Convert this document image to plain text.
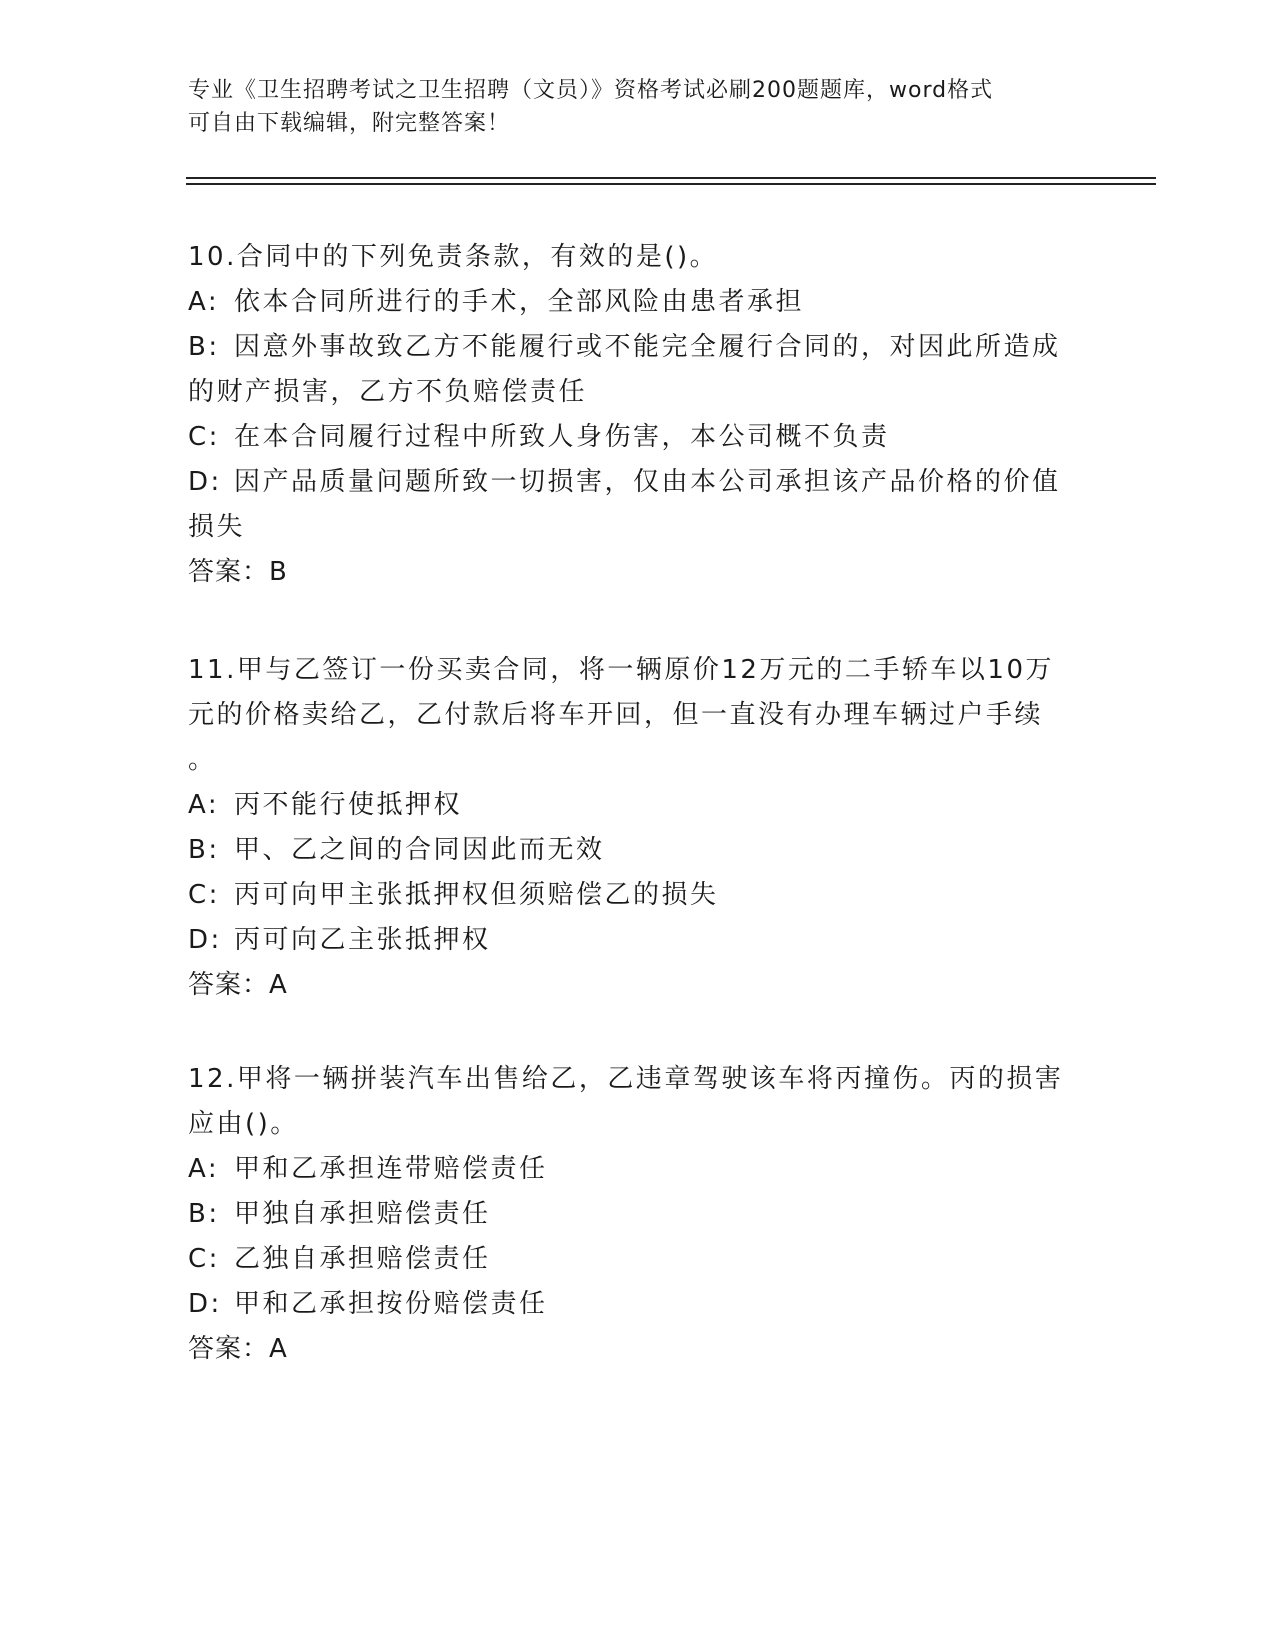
专业《卫生招聘考试之卫生招聘（文员）》资格考试必刷200题题库，word格式
可自由下载编辑，附完整答案！
10.合同中的下列免责条款，有效的是()。
A: 依本合同所进行的手术，全部风险由患者承担
B: 因意外事故致乙方不能履行或不能完全履行合同的，对因此所造成
的财产损害，乙方不负赔偿责任
C: 在本合同履行过程中所致人身伤害，本公司概不负责
D: 因产品质量问题所致一切损害，仅由本公司承担该产品价格的价值
损失
答案：B
11.甲与乙签订一份买卖合同，将一辆原价12万元的二手轿车以10万
元的价格卖给乙，乙付款后将车开回，但一直没有办理车辆过户手续
。
A: 丙不能行使抵押权
B: 甲、乙之间的合同因此而无效
C: 丙可向甲主张抵押权但须赔偿乙的损失
D: 丙可向乙主张抵押权
答案：A
12.甲将一辆拼装汽车出售给乙，乙违章驾驶该车将丙撞伤。丙的损害
应由()。
A: 甲和乙承担连带赔偿责任
B: 甲独自承担赔偿责任
C: 乙独自承担赔偿责任
D: 甲和乙承担按份赔偿责任
答案：A
